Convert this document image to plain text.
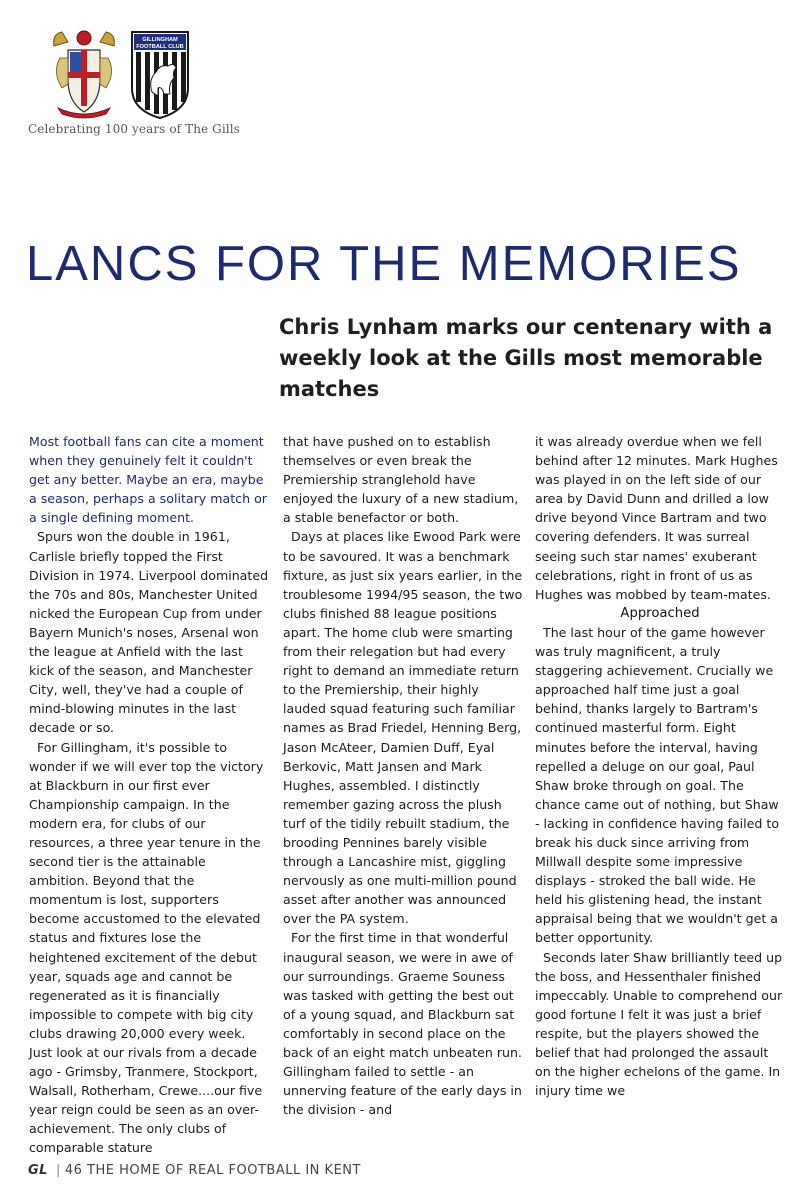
GILLINGHAM
FOOTBALL CLUB
Celebrating 100 years of The Gills
LANCS FOR THE MEMORIES
Chris Lynham marks our centenary with a weekly look at the Gills most memorable matches

Most football fans can cite a moment when they genuinely felt it couldn't get any better. Maybe an era, maybe a season, perhaps a solitary match or a single defining moment.

Spurs won the double in 1961, Carlisle briefly topped the First Division in 1974. Liverpool dominated the 70s and 80s, Manchester United nicked the European Cup from under Bayern Munich's noses, Arsenal won the league at Anfield with the last kick of the season, and Manchester City, well, they've had a couple of mind-blowing minutes in the last decade or so.

For Gillingham, it's possible to wonder if we will ever top the victory at Blackburn in our first ever Championship campaign. In the modern era, for clubs of our resources, a three year tenure in the second tier is the attainable ambition. Beyond that the momentum is lost, supporters become accustomed to the elevated status and fixtures lose the heightened excitement of the debut year, squads age and cannot be regenerated as it is financially impossible to compete with big city clubs drawing 20,000 every week. Just look at our rivals from a decade ago - Grimsby, Tranmere, Stockport, Walsall, Rotherham, Crewe....our five year reign could be seen as an over-achievement. The only clubs of comparable stature

that have pushed on to establish themselves or even break the Premiership stranglehold have enjoyed the luxury of a new stadium, a stable benefactor or both.

Days at places like Ewood Park were to be savoured. It was a benchmark fixture, as just six years earlier, in the troublesome 1994/95 season, the two clubs finished 88 league positions apart. The home club were smarting from their relegation but had every right to demand an immediate return to the Premiership, their highly lauded squad featuring such familiar names as Brad Friedel, Henning Berg, Jason McAteer, Damien Duff, Eyal Berkovic, Matt Jansen and Mark Hughes, assembled. I distinctly remember gazing across the plush turf of the tidily rebuilt stadium, the brooding Pennines barely visible through a Lancashire mist, giggling nervously as one multi-million pound asset after another was announced over the PA system.

For the first time in that wonderful inaugural season, we were in awe of our surroundings. Graeme Souness was tasked with getting the best out of a young squad, and Blackburn sat comfortably in second place on the back of an eight match unbeaten run. Gillingham failed to settle - an unnerving feature of the early days in the division - and

it was already overdue when we fell behind after 12 minutes. Mark Hughes was played in on the left side of our area by David Dunn and drilled a low drive beyond Vince Bartram and two covering defenders. It was surreal seeing such star names' exuberant celebrations, right in front of us as Hughes was mobbed by team-mates.

Approached

The last hour of the game however was truly magnificent, a truly staggering achievement. Crucially we approached half time just a goal behind, thanks largely to Bartram's continued masterful form. Eight minutes before the interval, having repelled a deluge on our goal, Paul Shaw broke through on goal. The chance came out of nothing, but Shaw - lacking in confidence having failed to break his duck since arriving from Millwall despite some impressive displays - stroked the ball wide. He held his glistening head, the instant appraisal being that we wouldn't get a better opportunity.

Seconds later Shaw brilliantly teed up the boss, and Hessenthaler finished impeccably. Unable to comprehend our good fortune I felt it was just a brief respite, but the players showed the belief that had prolonged the assault on the higher echelons of the game. In injury time we

GL | 46 THE HOME OF REAL FOOTBALL IN KENT
